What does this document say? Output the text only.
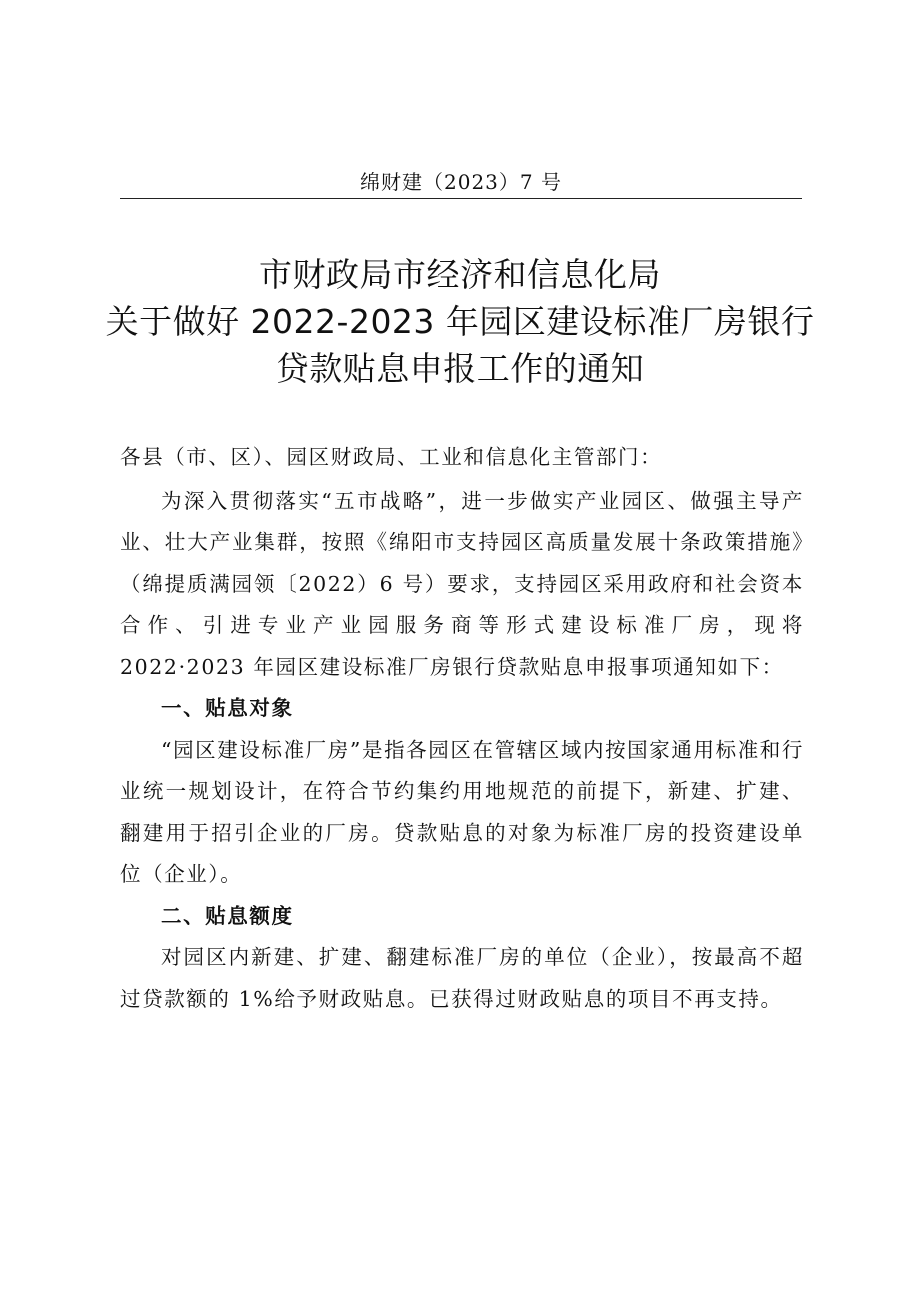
绵财建（2023）7 号
市财政局市经济和信息化局
关于做好 2022-2023 年园区建设标准厂房银行
贷款贴息申报工作的通知

各县（市、区）、园区财政局、工业和信息化主管部门：

为深入贯彻落实“五市战略”，进一步做实产业园区、做强主导产业、壮大产业集群，按照《绵阳市支持园区高质量发展十条政策措施》（绵提质满园领〔2022）6 号）要求，支持园区采用政府和社会资本合作、引进专业产业园服务商等形式建设标准厂房，现将 2022·2023 年园区建设标准厂房银行贷款贴息申报事项通知如下：

一、贴息对象

“园区建设标准厂房”是指各园区在管辖区域内按国家通用标准和行业统一规划设计，在符合节约集约用地规范的前提下，新建、扩建、翻建用于招引企业的厂房。贷款贴息的对象为标准厂房的投资建设单位（企业）。

二、贴息额度

对园区内新建、扩建、翻建标准厂房的单位（企业），按最高不超过贷款额的 1%给予财政贴息。已获得过财政贴息的项目不再支持。
